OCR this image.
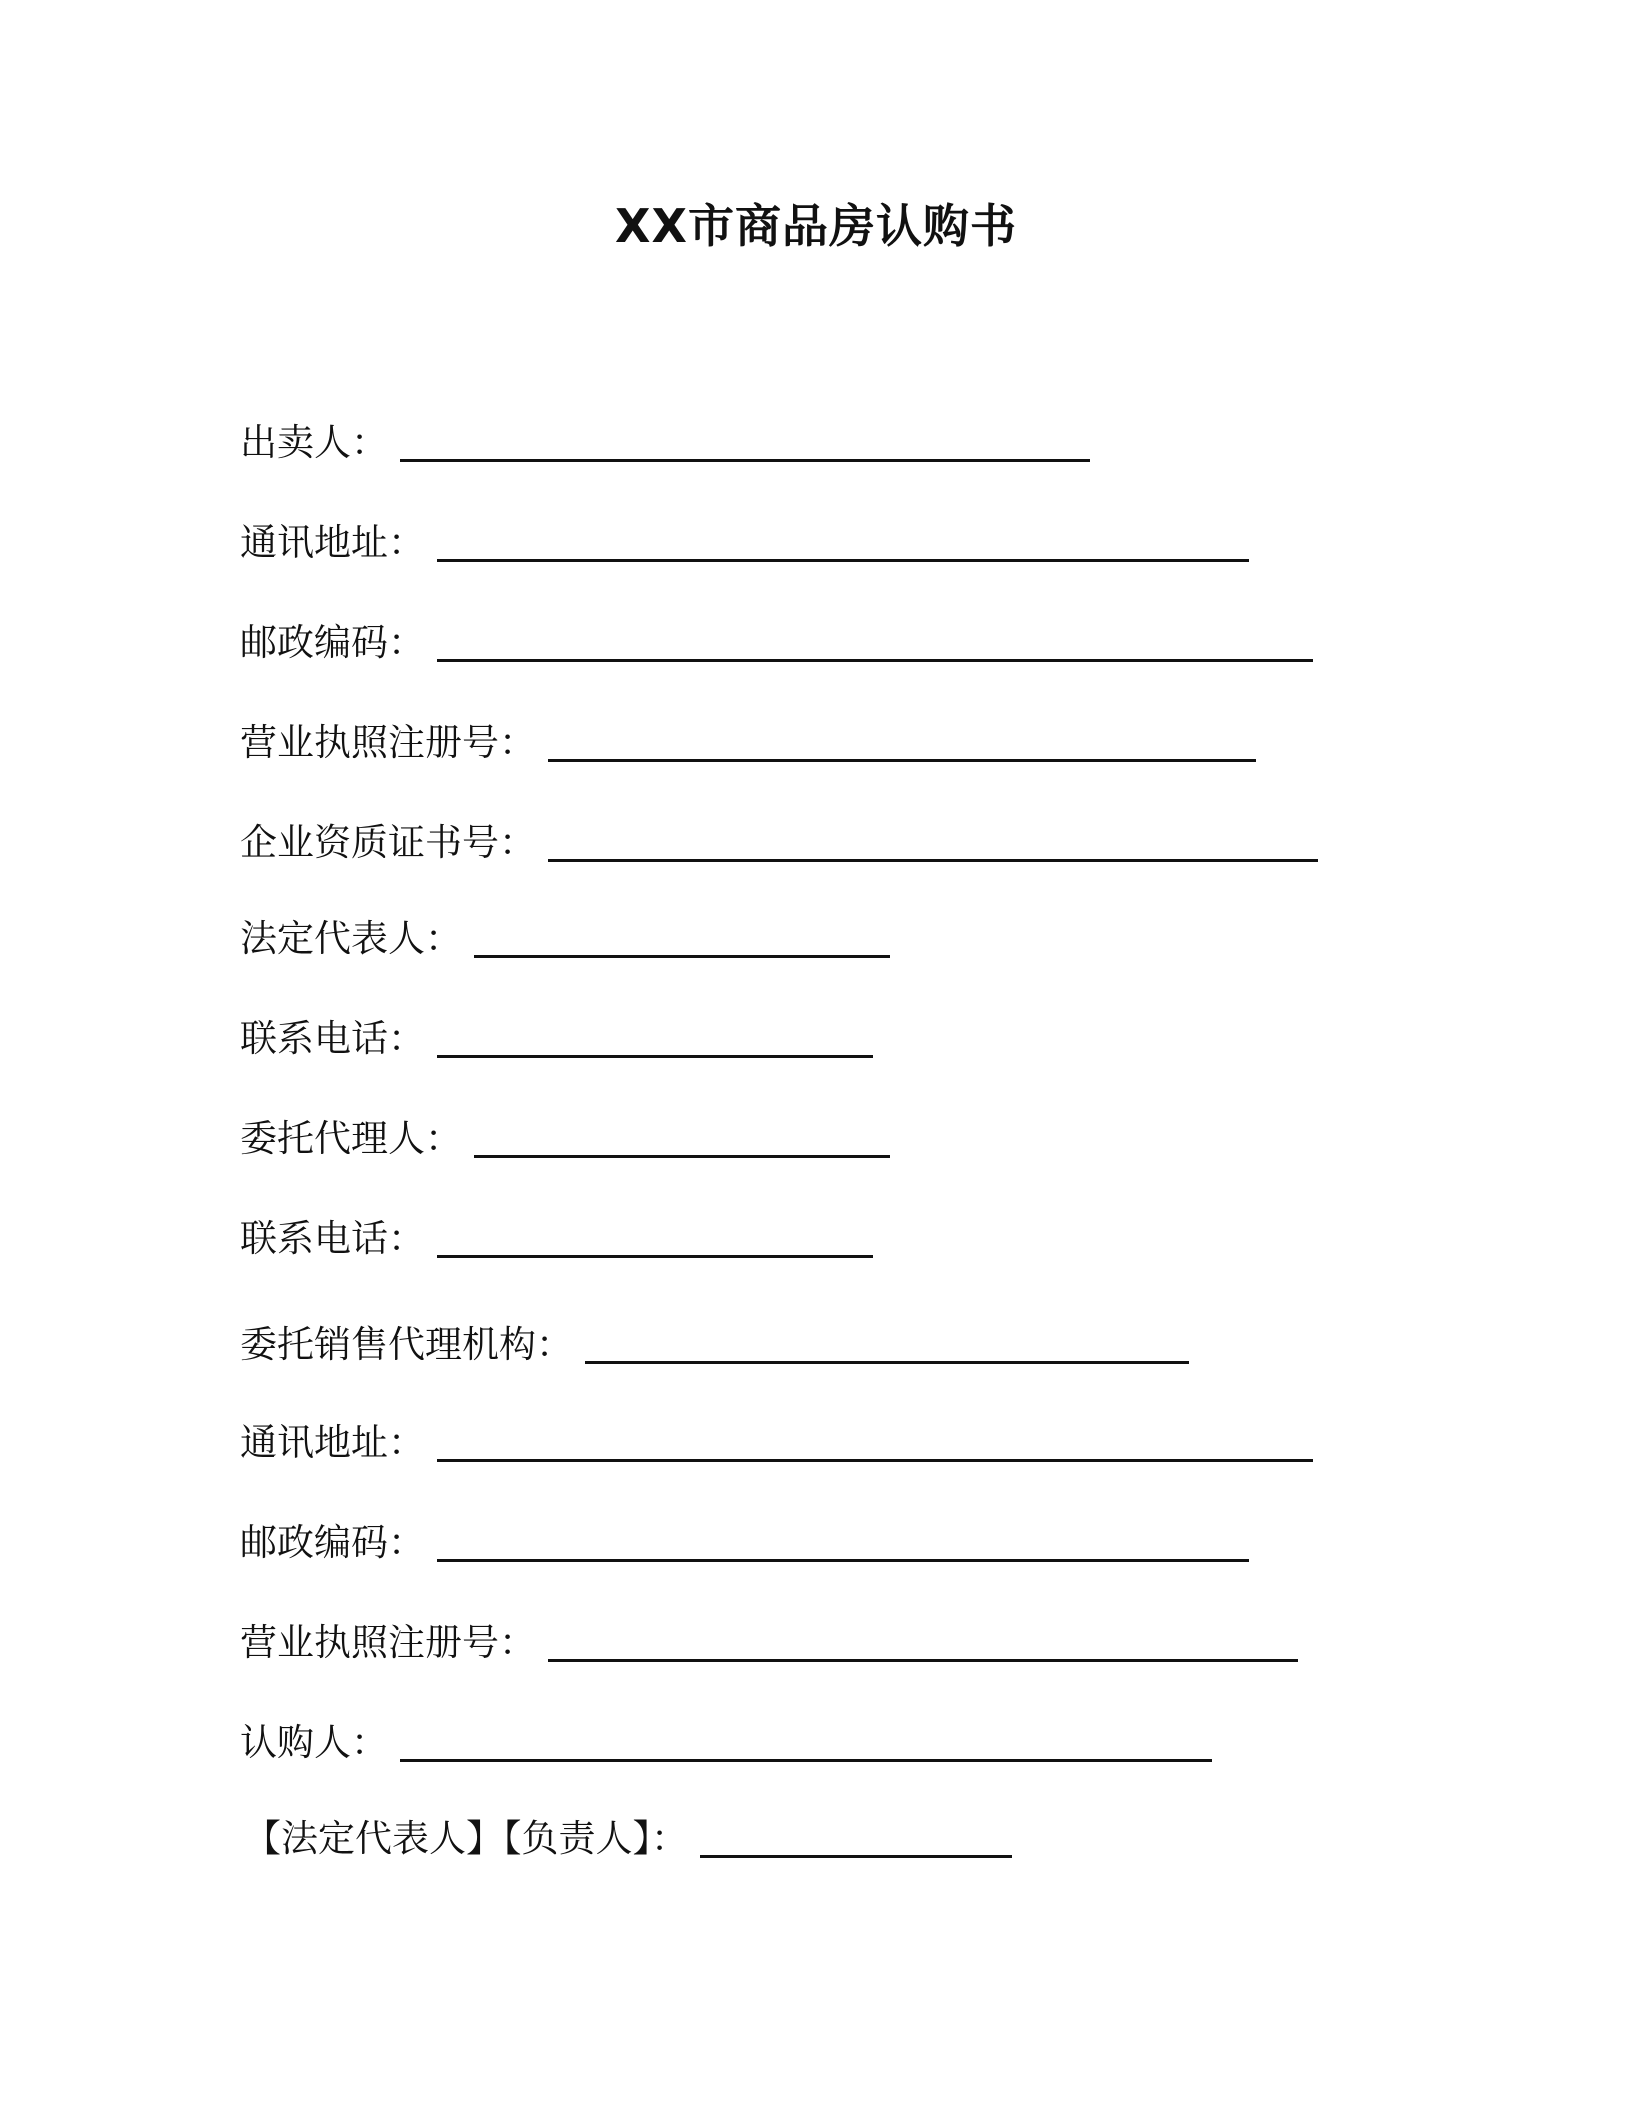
XX市商品房认购书
出卖人：
通讯地址：
邮政编码：
营业执照注册号：
企业资质证书号：
法定代表人：
联系电话：
委托代理人：
联系电话：
委托销售代理机构：
通讯地址：
邮政编码：
营业执照注册号：
认购人：
【法定代表人】【负责人】：
